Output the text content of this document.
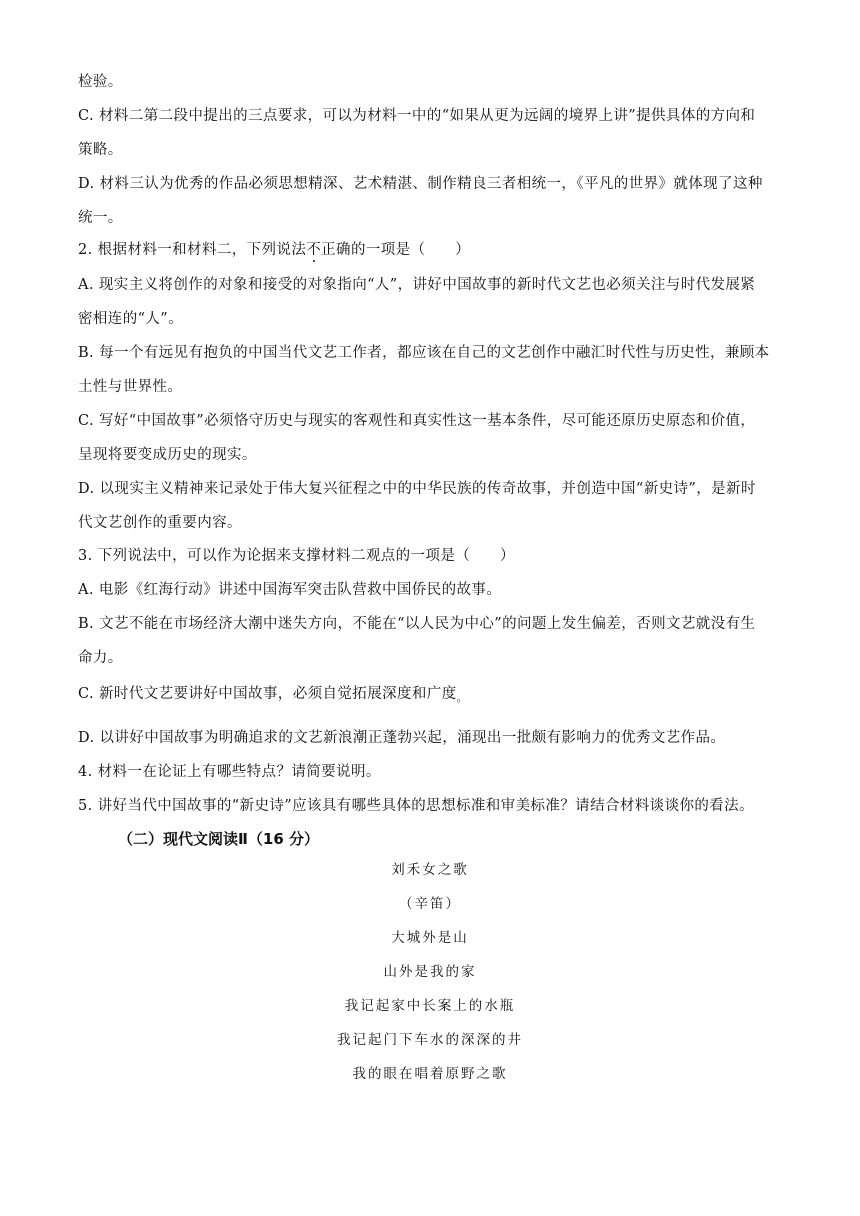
检验。

C. 材料二第二段中提出的三点要求，可以为材料一中的“如果从更为远阔的境界上讲”提供具体的方向和

策略。

D. 材料三认为优秀的作品必须思想精深、艺术精湛、制作精良三者相统一，《平凡的世界》就体现了这种

统一。

2. 根据材料一和材料二，下列说法不正确的一项是（　　）

A. 现实主义将创作的对象和接受的对象指向“人”，讲好中国故事的新时代文艺也必须关注与时代发展紧

密相连的“人”。

B. 每一个有远见有抱负的中国当代文艺工作者，都应该在自己的文艺创作中融汇时代性与历史性，兼顾本

土性与世界性。

C. 写好“中国故事”必须恪守历史与现实的客观性和真实性这一基本条件，尽可能还原历史原态和价值，

呈现将要变成历史的现实。

D. 以现实主义精神来记录处于伟大复兴征程之中的中华民族的传奇故事，并创造中国“新史诗”，是新时

代文艺创作的重要内容。

3. 下列说法中，可以作为论据来支撑材料二观点的一项是（　　）

A. 电影《红海行动》讲述中国海军突击队营救中国侨民的故事。

B. 文艺不能在市场经济大潮中迷失方向，不能在“以人民为中心”的问题上发生偏差，否则文艺就没有生

命力。

C. 新时代文艺要讲好中国故事，必须自觉拓展深度和广度$_。$

D. 以讲好中国故事为明确追求的文艺新浪潮正蓬勃兴起，涌现出一批颇有影响力的优秀文艺作品。

4. 材料一在论证上有哪些特点？请简要说明。

5. 讲好当代中国故事的“新史诗”应该具有哪些具体的思想标准和审美标准？请结合材料谈谈你的看法。

（二）现代文阅读Ⅱ（16 分）

刘禾女之歌

（辛笛）

大城外是山

山外是我的家

我记起家中长案上的水瓶

我记起门下车水的深深的井

我的眼在唱着原野之歌
